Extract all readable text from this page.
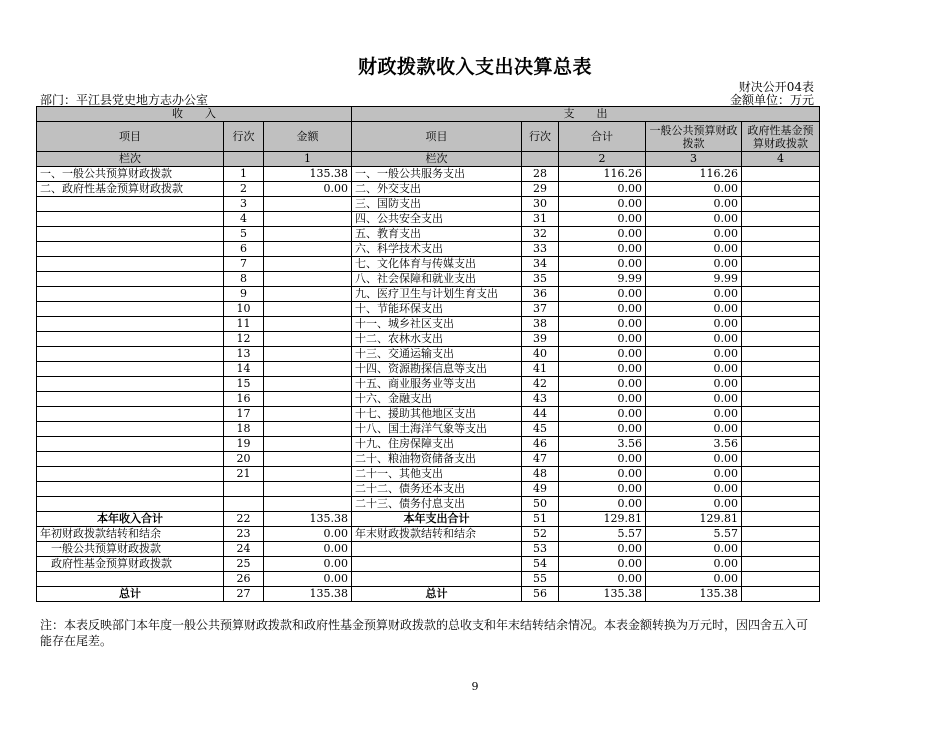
财政拨款收入支出决算总表
财决公开04表
部门：平江县党史地方志办公室	金额单位：万元
收　　入			支　　出				
项目	行次	金额	项目	行次	合计	一般公共预算财政拨款	政府性基金预算财政拨款
栏次		1	栏次		2	3	4
一、一般公共预算财政拨款	1	135.38	一、一般公共服务支出	28	116.26	116.26	
二、政府性基金预算财政拨款	2	0.00	二、外交支出	29	0.00	0.00	
	3		三、国防支出	30	0.00	0.00	
	4		四、公共安全支出	31	0.00	0.00	
	5		五、教育支出	32	0.00	0.00	
	6		六、科学技术支出	33	0.00	0.00	
	7		七、文化体育与传媒支出	34	0.00	0.00	
	8		八、社会保障和就业支出	35	9.99	9.99	
	9		九、医疗卫生与计划生育支出	36	0.00	0.00	
	10		十、节能环保支出	37	0.00	0.00	
	11		十一、城乡社区支出	38	0.00	0.00	
	12		十二、农林水支出	39	0.00	0.00	
	13		十三、交通运输支出	40	0.00	0.00	
	14		十四、资源勘探信息等支出	41	0.00	0.00	
	15		十五、商业服务业等支出	42	0.00	0.00	
	16		十六、金融支出	43	0.00	0.00	
	17		十七、援助其他地区支出	44	0.00	0.00	
	18		十八、国土海洋气象等支出	45	0.00	0.00	
	19		十九、住房保障支出	46	3.56	3.56	
	20		二十、粮油物资储备支出	47	0.00	0.00	
	21		二十一、其他支出	48	0.00	0.00	
			二十二、债务还本支出	49	0.00	0.00	
			二十三、债务付息支出	50	0.00	0.00	
本年收入合计	22	135.38	本年支出合计	51	129.81	129.81	
年初财政拨款结转和结余	23	0.00	年末财政拨款结转和结余	52	5.57	5.57	
　一般公共预算财政拨款	24	0.00		53	0.00	0.00	
　政府性基金预算财政拨款	25	0.00		54	0.00	0.00	
	26	0.00		55	0.00	0.00	
总计	27	135.38	总计	56	135.38	135.38	
注：本表反映部门本年度一般公共预算财政拨款和政府性基金预算财政拨款的总收支和年末结转结余情况。本表金额转换为万元时，因四舍五入可能存在尾差。
9
